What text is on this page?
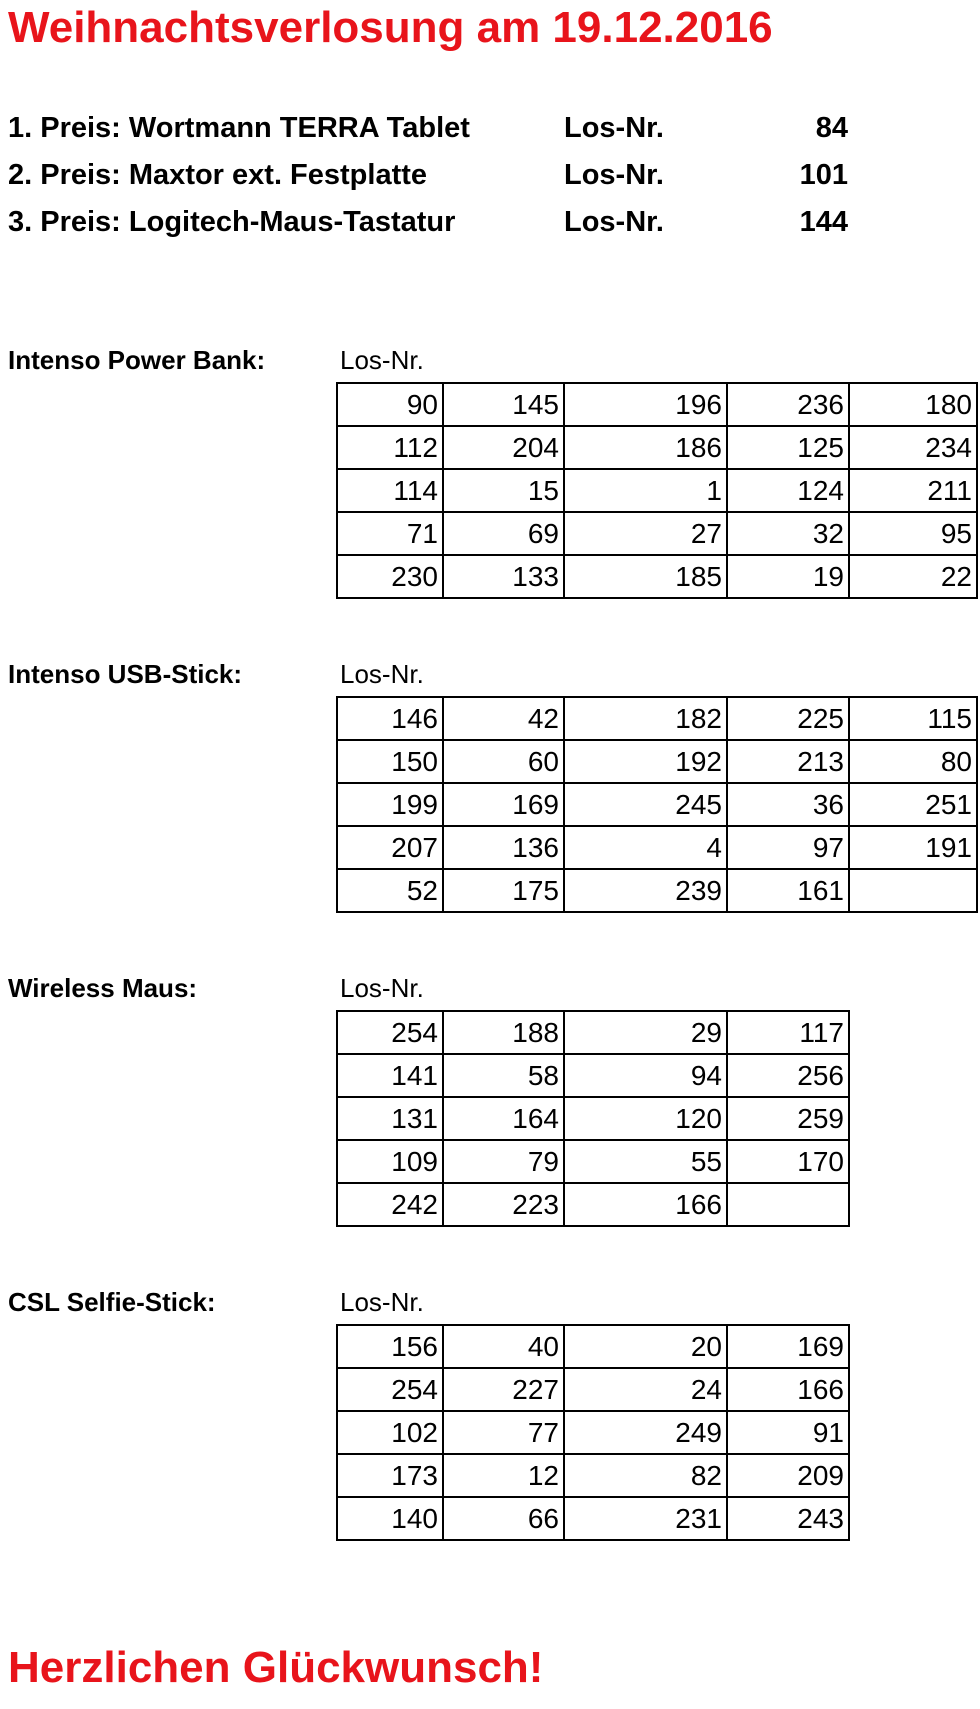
Weihnachtsverlosung am 19.12.2016
1. Preis: Wortmann TERRA Tablet	Los-Nr.	84
2. Preis: Maxtor ext. Festplatte	Los-Nr.	101
3. Preis: Logitech-Maus-Tastatur	Los-Nr.	144
Intenso Power Bank:	Los-Nr.
90	145	196	236	180
112	204	186	125	234
114	15	1	124	211
71	69	27	32	95
230	133	185	19	22
Intenso USB-Stick:	Los-Nr.
146	42	182	225	115
150	60	192	213	80
199	169	245	36	251
207	136	4	97	191
52	175	239	161	
Wireless Maus:	Los-Nr.
254	188	29	117
141	58	94	256
131	164	120	259
109	79	55	170
242	223	166	
CSL Selfie-Stick:	Los-Nr.
156	40	20	169
254	227	24	166
102	77	249	91
173	12	82	209
140	66	231	243
Herzlichen Glückwunsch!
